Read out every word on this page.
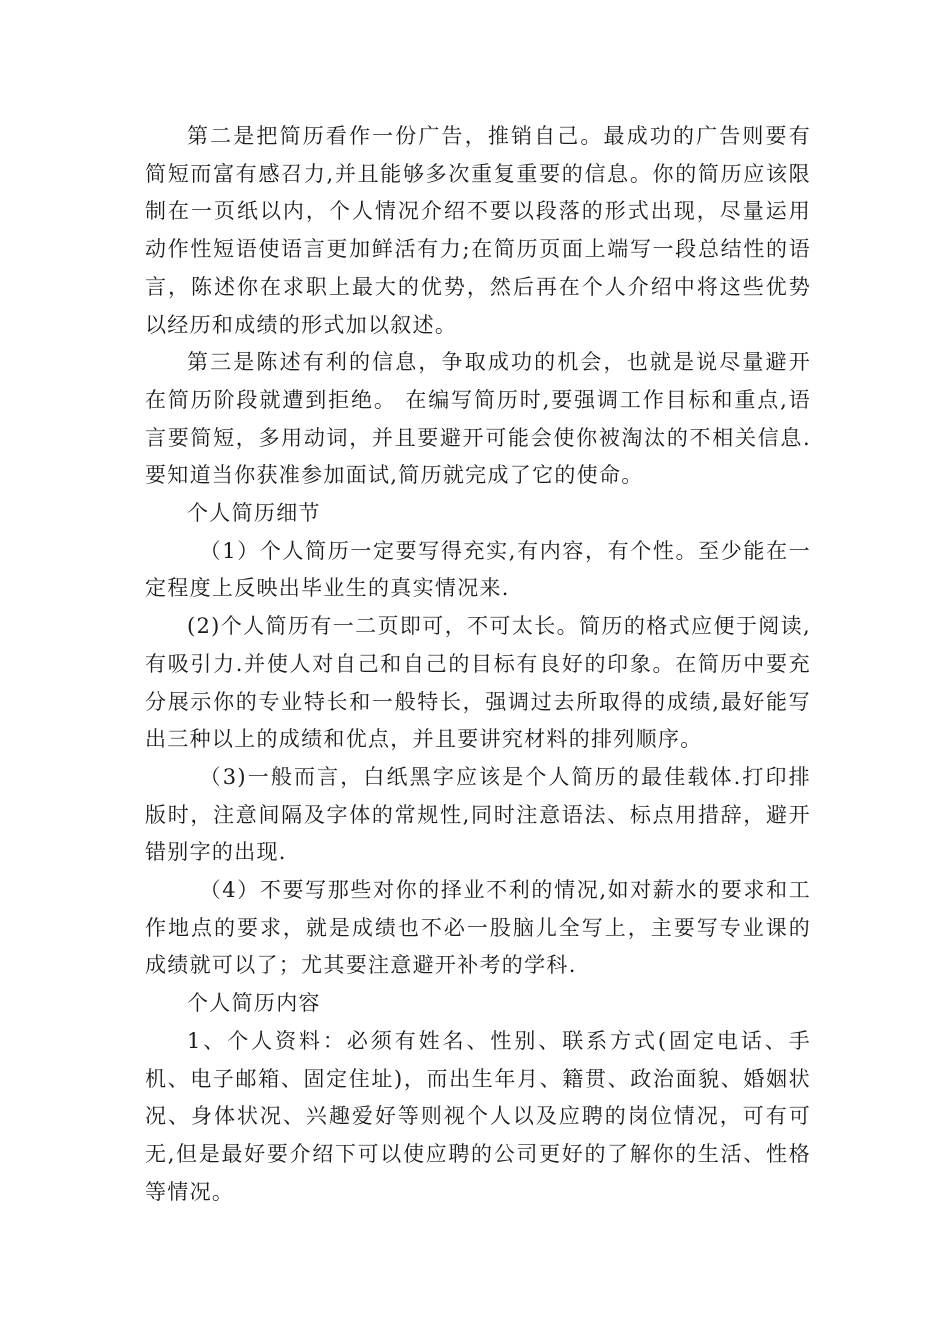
第二是把简历看作一份广告，推销自己。最成功的广告则要有简短而富有感召力,并且能够多次重复重要的信息。你的简历应该限制在一页纸以内，个人情况介绍不要以段落的形式出现，尽量运用动作性短语使语言更加鲜活有力;在简历页面上端写一段总结性的语言，陈述你在求职上最大的优势，然后再在个人介绍中将这些优势以经历和成绩的形式加以叙述。

第三是陈述有利的信息，争取成功的机会，也就是说尽量避开在简历阶段就遭到拒绝。 在编写简历时,要强调工作目标和重点,语言要简短，多用动词，并且要避开可能会使你被淘汰的不相关信息.要知道当你获准参加面试,简历就完成了它的使命。

个人简历细节

（1）个人简历一定要写得充实,有内容，有个性。至少能在一定程度上反映出毕业生的真实情况来.

(2)个人简历有一二页即可，不可太长。简历的格式应便于阅读,有吸引力.并使人对自己和自己的目标有良好的印象。在简历中要充分展示你的专业特长和一般特长，强调过去所取得的成绩,最好能写出三种以上的成绩和优点，并且要讲究材料的排列顺序。

（3)一般而言，白纸黑字应该是个人简历的最佳载体.打印排版时，注意间隔及字体的常规性,同时注意语法、标点用措辞，避开错别字的出现.

（4）不要写那些对你的择业不利的情况,如对薪水的要求和工作地点的要求，就是成绩也不必一股脑儿全写上，主要写专业课的成绩就可以了；尤其要注意避开补考的学科.

个人简历内容

1、个人资料：必须有姓名、性别、联系方式(固定电话、手机、电子邮箱、固定住址)，而出生年月、籍贯、政治面貌、婚姻状况、身体状况、兴趣爱好等则视个人以及应聘的岗位情况，可有可无,但是最好要介绍下可以使应聘的公司更好的了解你的生活、性格等情况。
